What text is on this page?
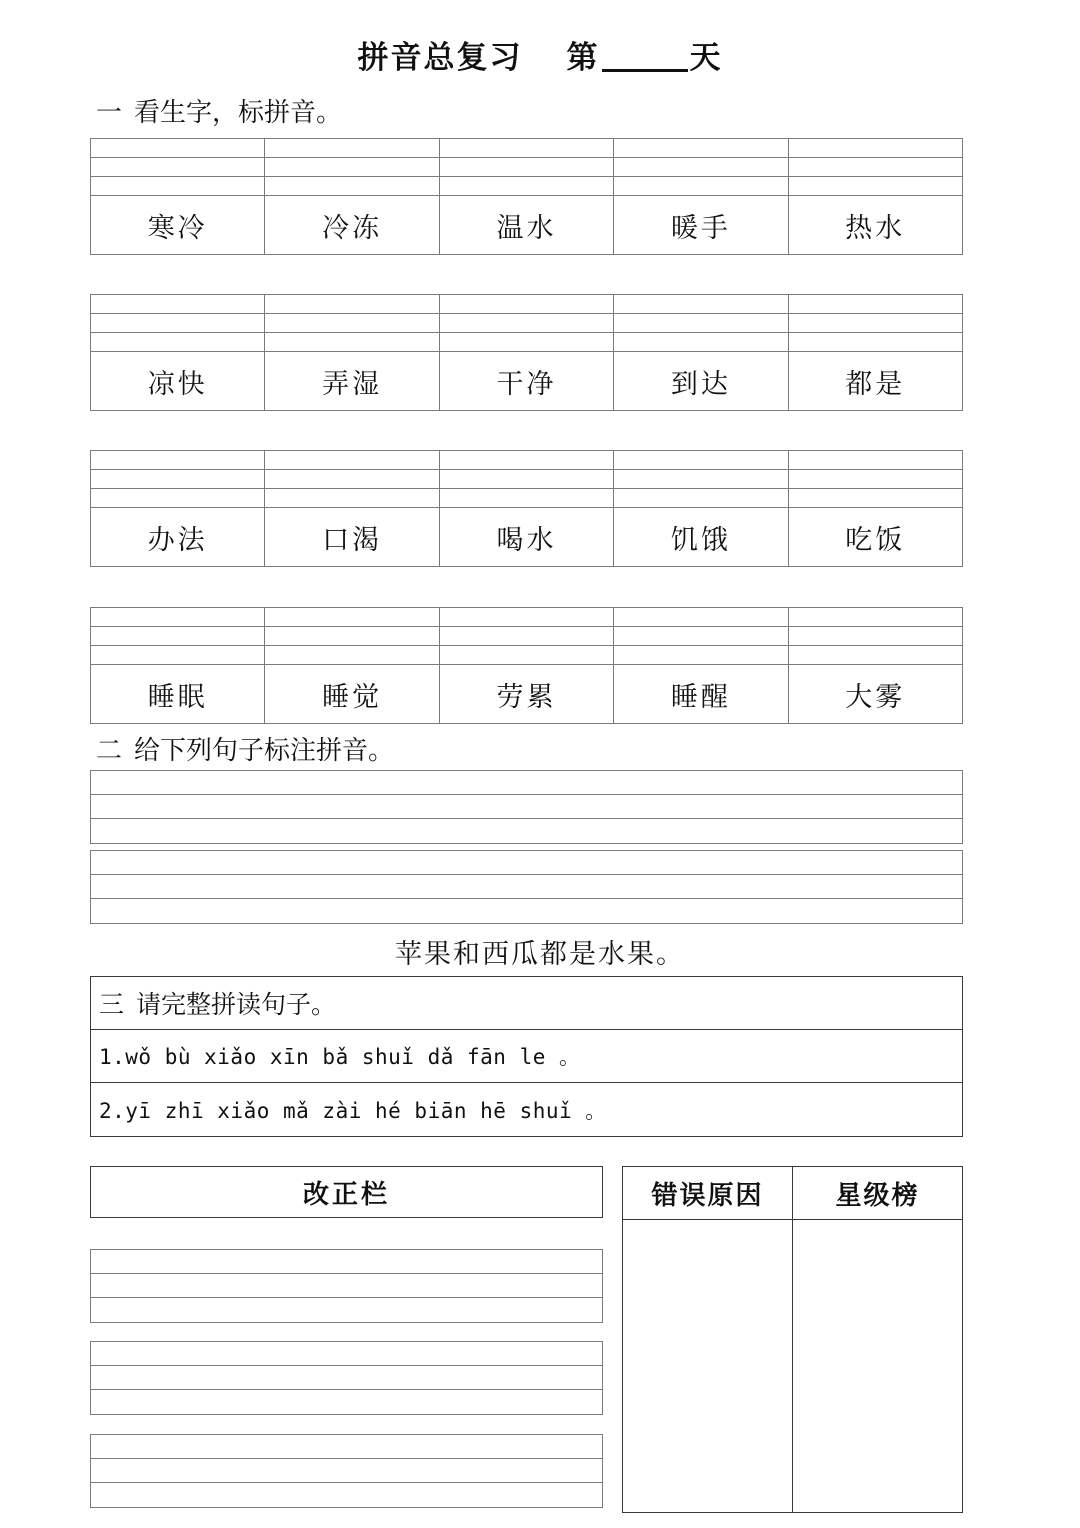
拼音总复习 第	天
一 看生字，标拼音。

寒冷	冷冻	温水	暖手	热水

凉快	弄湿	干净	到达	都是

办法	口渴	喝水	饥饿	吃饭

睡眠	睡觉	劳累	睡醒	大雾
二 给下列句子标注拼音。
苹果和西瓜都是水果。
三 请完整拼读句子。
1.wǒ bù xiǎo xīn bǎ shuǐ dǎ fān le 。
2.yī zhī xiǎo mǎ zài hé biān hē shuǐ 。
改正栏	错误原因	星级榜
